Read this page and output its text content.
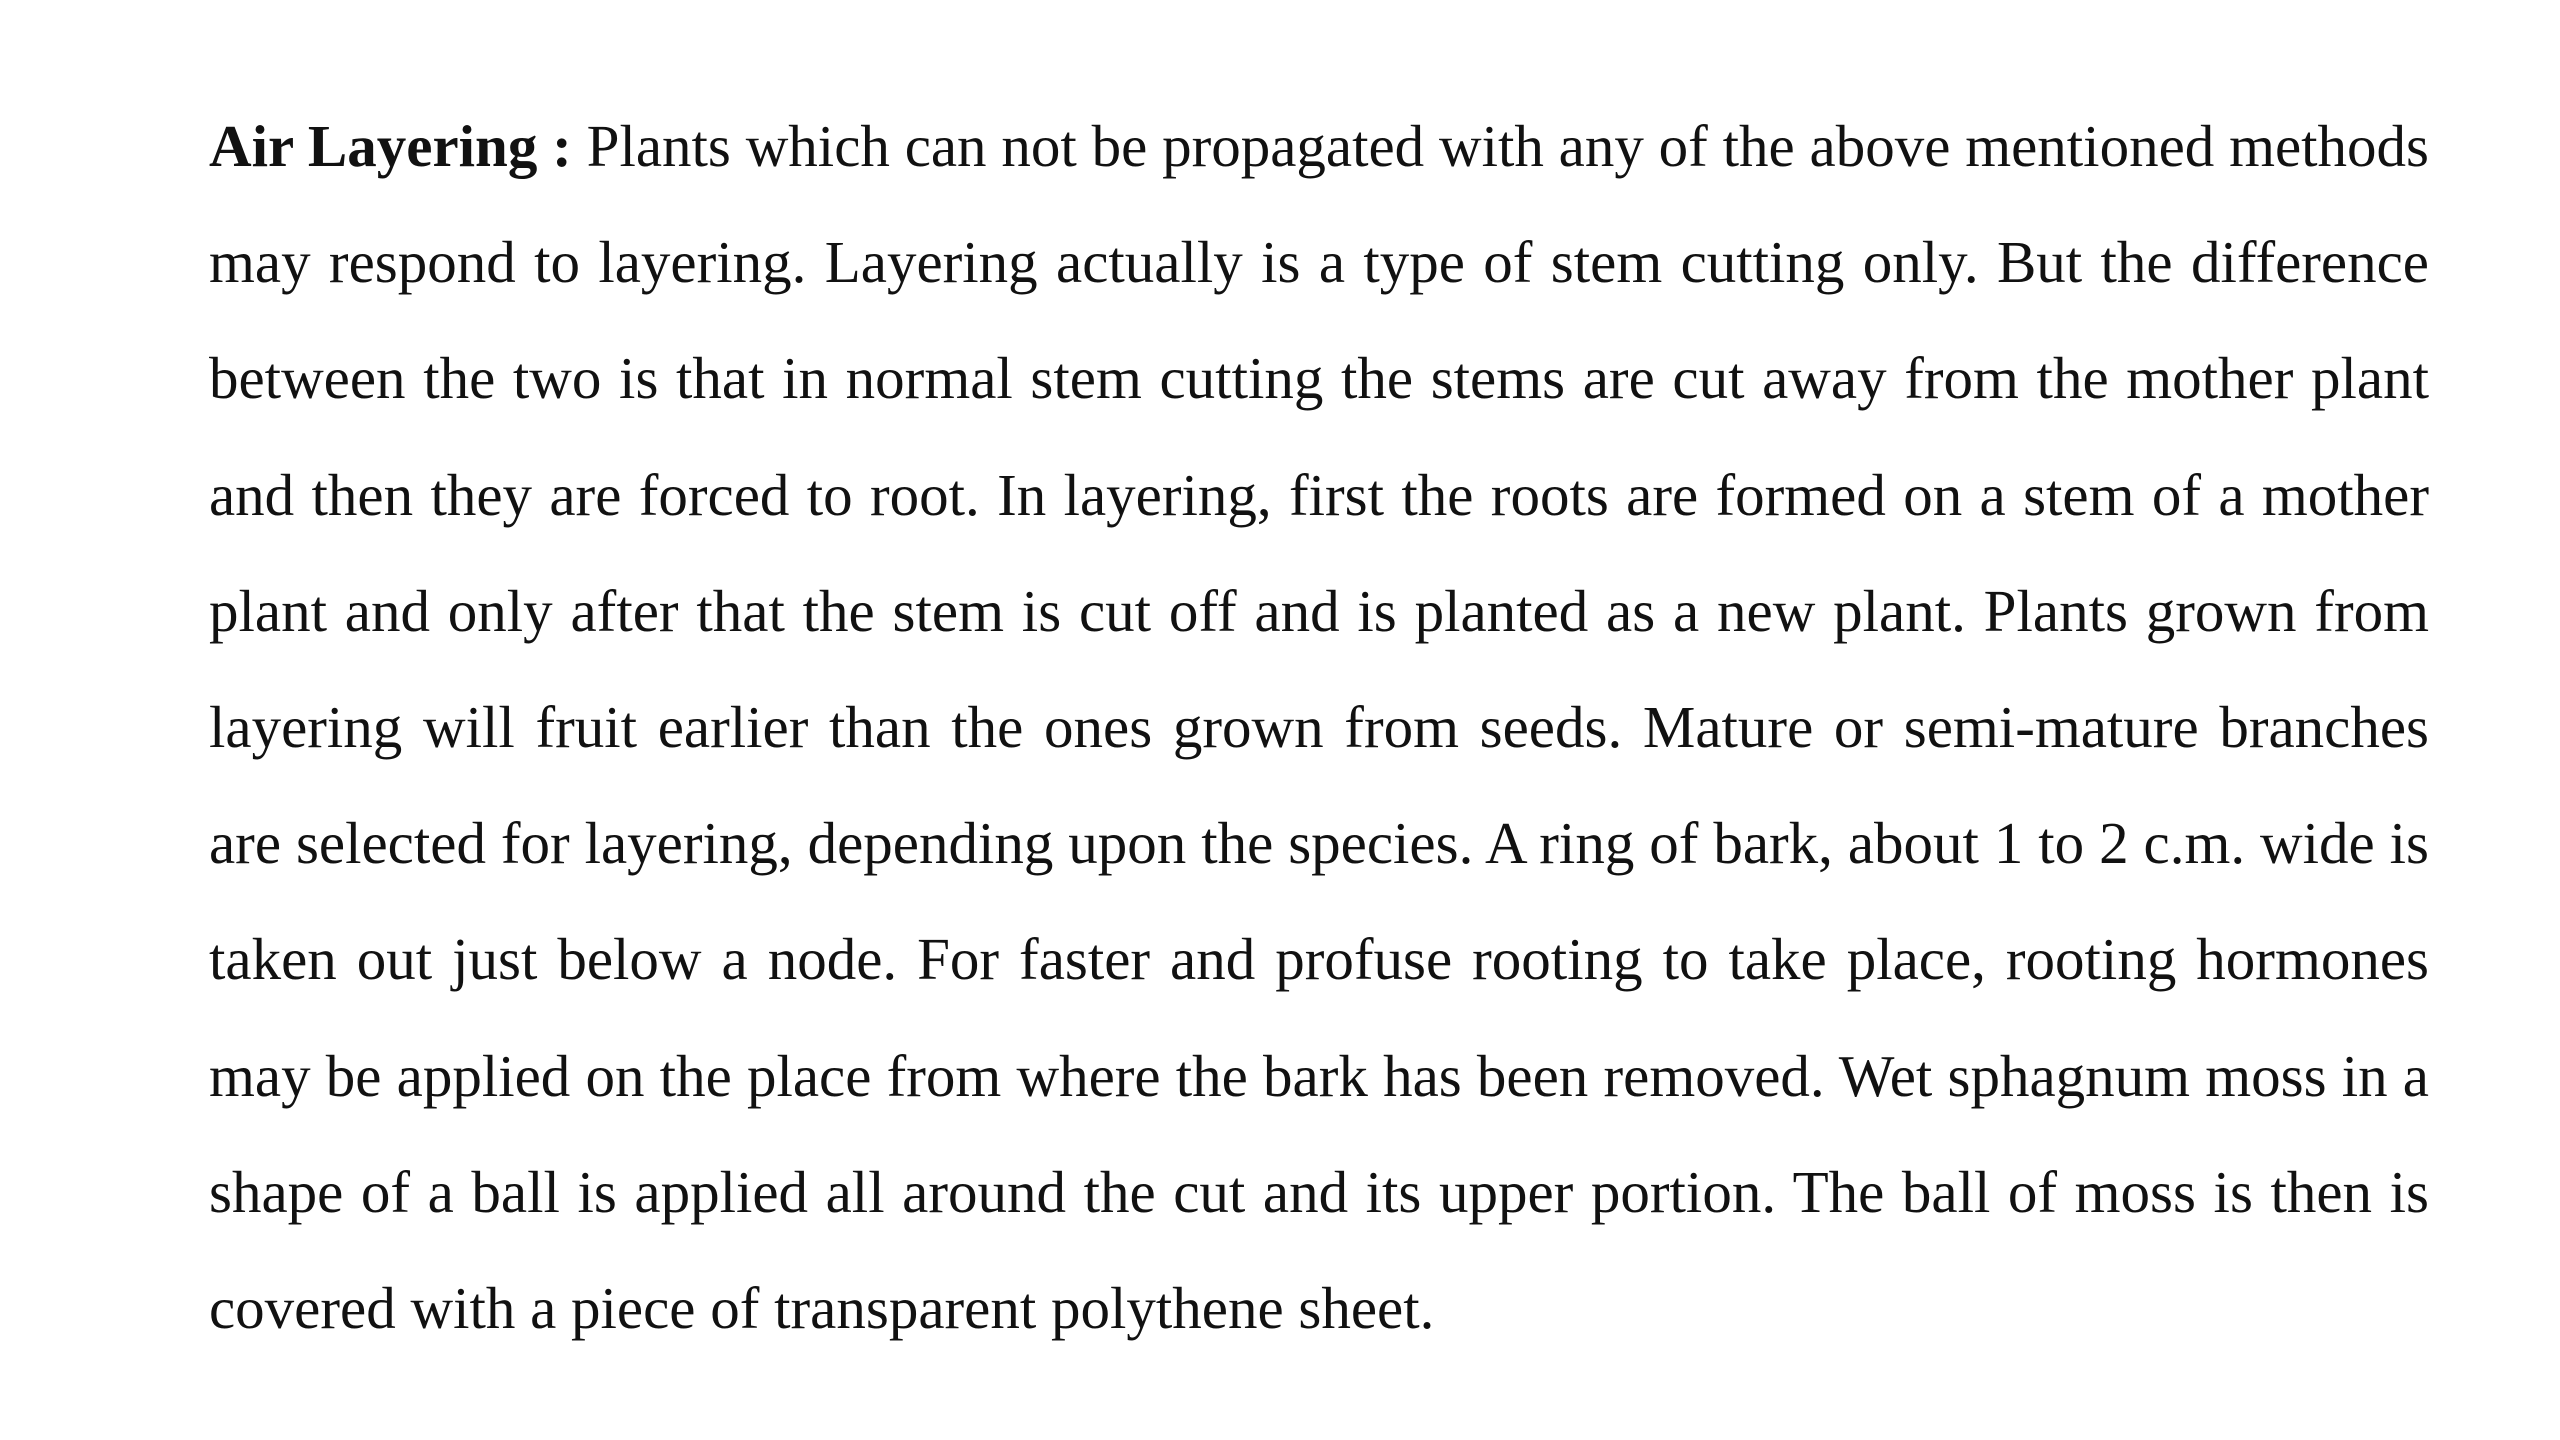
Air Layering : Plants which can not be propagated with any of the above mentioned methods may respond to layering. Layering actually is a type of stem cutting only. But the difference between the two is that in normal stem cutting the stems are cut away from the mother plant and then they are forced to root. In layering, first the roots are formed on a stem of a mother plant and only after that the stem is cut off and is planted as a new plant. Plants grown from layering will fruit earlier than the ones grown from seeds. Mature or semi-mature branches are selected for layering, depending upon the species. A ring of bark, about 1 to 2 c.m. wide is taken out just below a node. For faster and profuse rooting to take place, rooting hormones may be applied on the place from where the bark has been removed. Wet sphagnum moss in a shape of a ball is applied all around the cut and its upper portion. The ball of moss is then is covered with a piece of transparent polythene sheet.
